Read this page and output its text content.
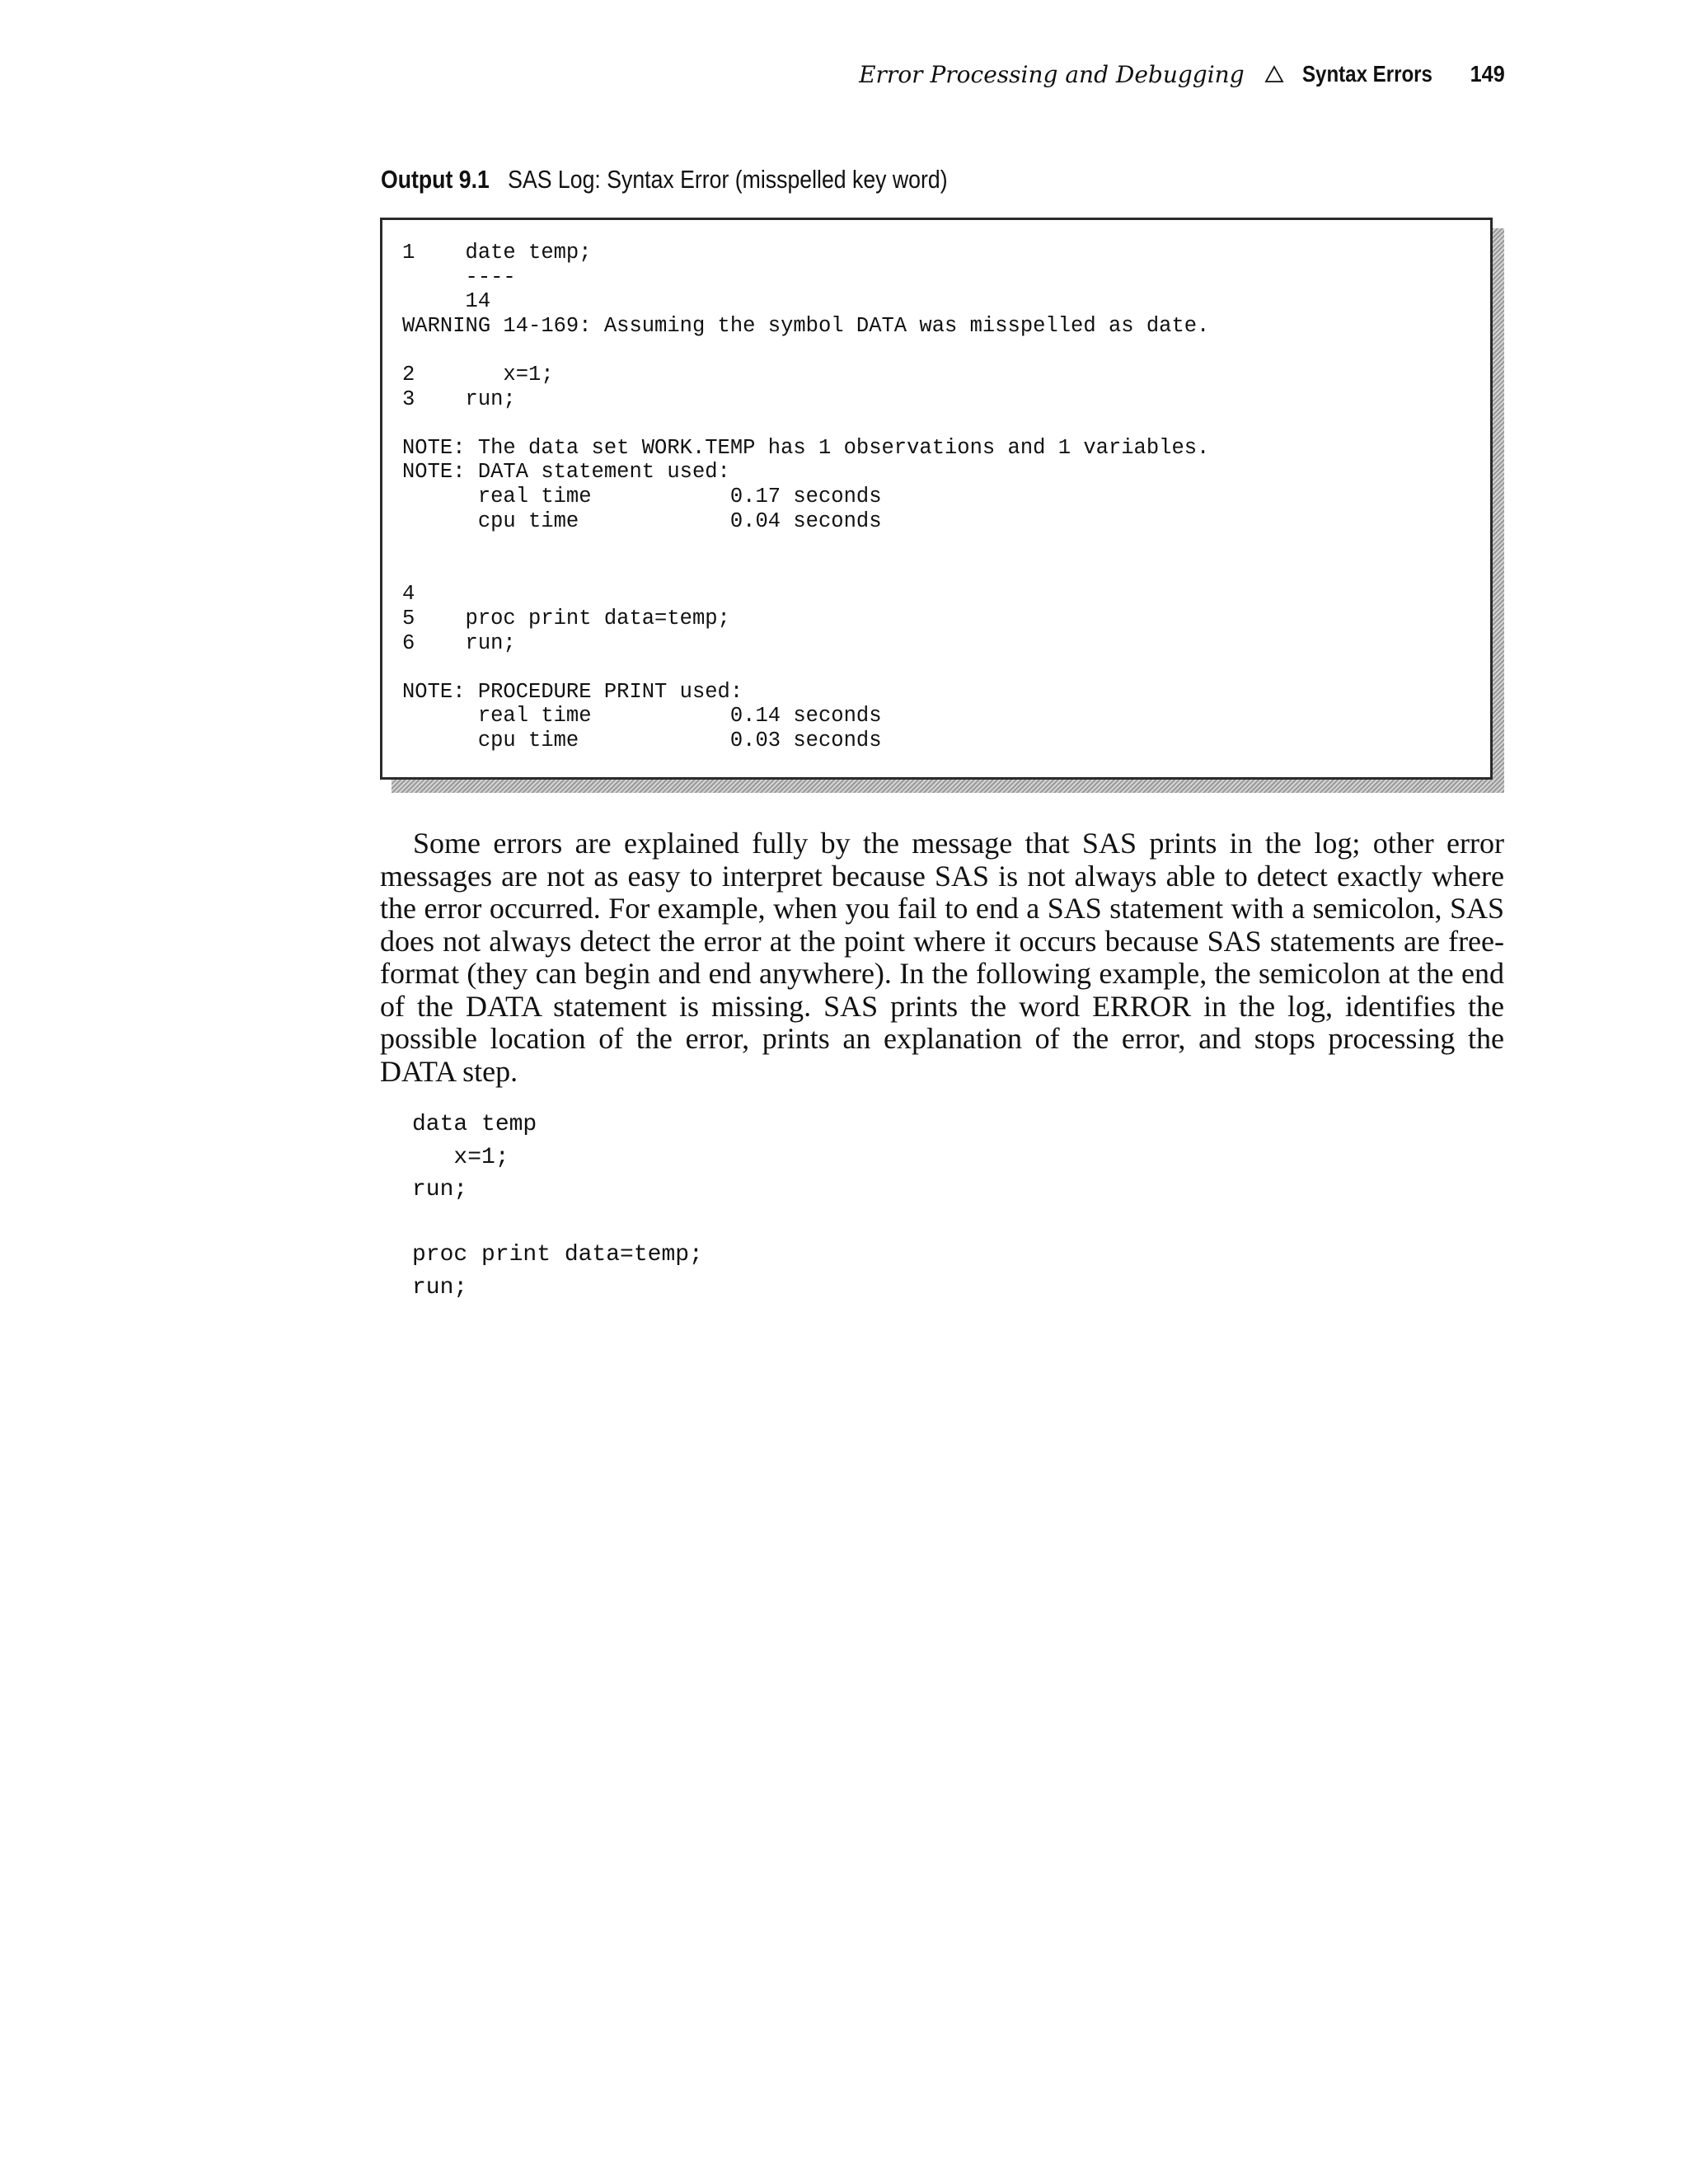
Error Processing and Debugging	Syntax Errors 149
Output 9.1 SAS Log: Syntax Error (misspelled key word)
1    date temp;
----
14
WARNING 14-169: Assuming the symbol DATA was misspelled as date.

2       x=1;
3    run;

NOTE: The data set WORK.TEMP has 1 observations and 1 variables.
NOTE: DATA statement used:
real time           0.17 seconds
cpu time            0.04 seconds

4
5    proc print data=temp;
6    run;

NOTE: PROCEDURE PRINT used:
real time           0.14 seconds
cpu time            0.03 seconds
Some errors are explained fully by the message that SAS prints in the log; other error messages are not as easy to interpret because SAS is not always able to detect exactly where the error occurred. For example, when you fail to end a SAS statement with a semicolon, SAS does not always detect the error at the point where it occurs because SAS statements are free-format (they can begin and end anywhere). In the following example, the semicolon at the end of the DATA statement is missing. SAS prints the word ERROR in the log, identifies the possible location of the error, prints an explanation of the error, and stops processing the DATA step.
data temp
x=1;
run;

proc print data=temp;
run;
